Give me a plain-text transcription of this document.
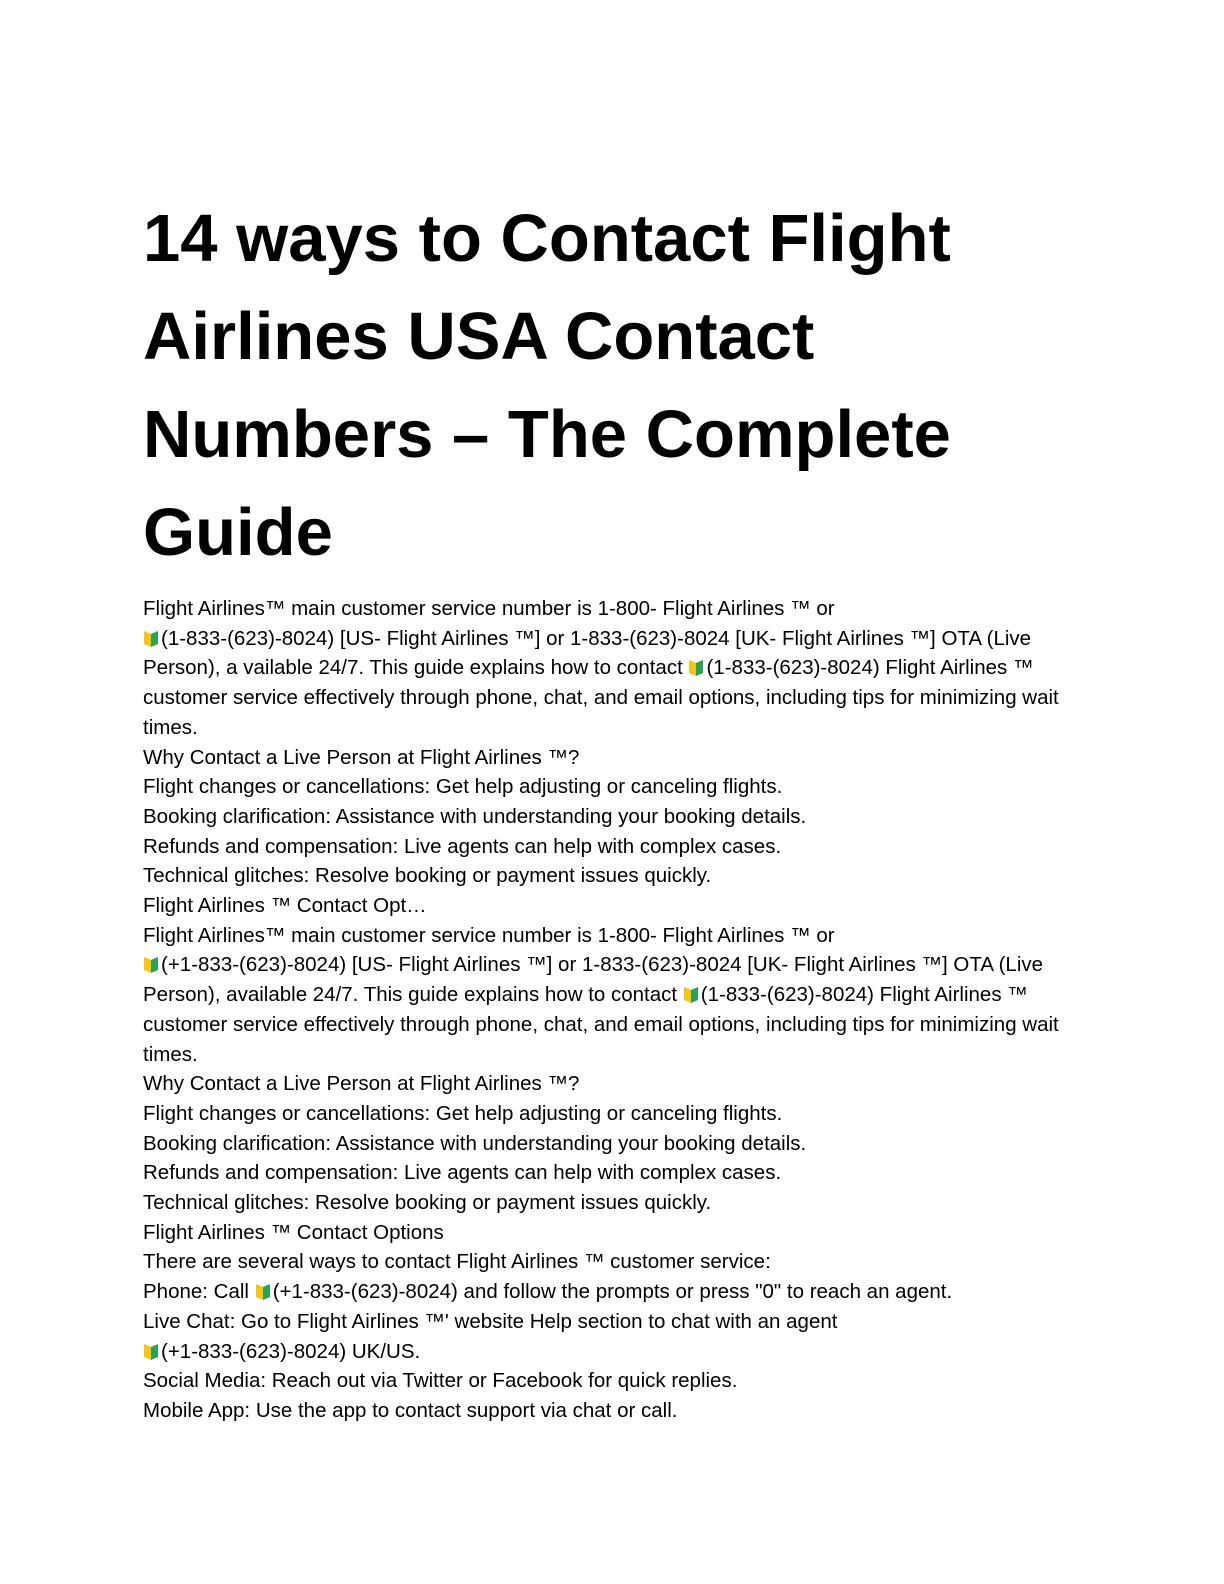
14 ways to Contact Flight Airlines USA Contact Numbers – The Complete Guide
Flight Airlines™ main customer service number is 1-800- Flight Airlines ™ or
(1-833-(623)-8024) [US- Flight Airlines ™] or 1-833-(623)-8024 [UK- Flight Airlines ™] OTA (Live Person), a vailable 24/7. This guide explains how to contact (1-833-(623)-8024) Flight Airlines ™ customer service effectively through phone, chat, and email options, including tips for minimizing wait times.
Why Contact a Live Person at Flight Airlines ™?
Flight changes or cancellations: Get help adjusting or canceling flights.
Booking clarification: Assistance with understanding your booking details.
Refunds and compensation: Live agents can help with complex cases.
Technical glitches: Resolve booking or payment issues quickly.
Flight Airlines ™ Contact Opt…
Flight Airlines™ main customer service number is 1-800- Flight Airlines ™ or
(+1-833-(623)-8024) [US- Flight Airlines ™] or 1-833-(623)-8024 [UK- Flight Airlines ™] OTA (Live Person), available 24/7. This guide explains how to contact (1-833-(623)-8024) Flight Airlines ™ customer service effectively through phone, chat, and email options, including tips for minimizing wait times.
Why Contact a Live Person at Flight Airlines ™?
Flight changes or cancellations: Get help adjusting or canceling flights.
Booking clarification: Assistance with understanding your booking details.
Refunds and compensation: Live agents can help with complex cases.
Technical glitches: Resolve booking or payment issues quickly.
Flight Airlines ™ Contact Options
There are several ways to contact Flight Airlines ™ customer service:
Phone: Call (+1-833-(623)-8024) and follow the prompts or press "0" to reach an agent.
Live Chat: Go to Flight Airlines ™' website Help section to chat with an agent
(+1-833-(623)-8024) UK/US.
Social Media: Reach out via Twitter or Facebook for quick replies.
Mobile App: Use the app to contact support via chat or call.
